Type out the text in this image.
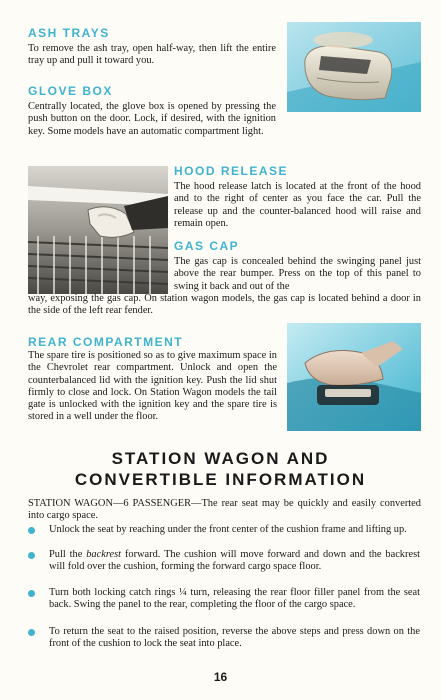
ASH TRAYS

To remove the ash tray, open half-way, then lift the entire tray up and pull it toward you.

GLOVE BOX

Centrally located, the glove box is opened by pressing the push button on the door. Lock, if desired, with the ignition key. Some models have an automatic compartment light.

HOOD RELEASE

The hood release latch is located at the front of the hood and to the right of center as you face the car. Pull the release up and the counter-balanced hood will raise and remain open.

GAS CAP

The gas cap is concealed behind the swinging panel just above the rear bumper. Press on the top of this panel to swing it back and out of the

way, exposing the gas cap. On station wagon models, the gas cap is located behind a door in the side of the left rear fender.

REAR COMPARTMENT

The spare tire is positioned so as to give maximum space in the Chevrolet rear compartment. Unlock and open the counterbalanced lid with the ignition key. Push the lid shut firmly to close and lock. On Station Wagon models the tail gate is unlocked with the ignition key and the spare tire is stored in a well under the floor.

STATION WAGON AND
CONVERTIBLE INFORMATION

STATION WAGON—6 PASSENGER—The rear seat may be quickly and easily converted into cargo space.

Unlock the seat by reaching under the front center of the cushion frame and lifting up.

Pull the backrest forward. The cushion will move forward and down and the backrest will fold over the cushion, forming the forward cargo space floor.

Turn both locking catch rings ¼ turn, releasing the rear floor filler panel from the seat back. Swing the panel to the rear, completing the floor of the cargo space.

To return the seat to the raised position, reverse the above steps and press down on the front of the cushion to lock the seat into place.

16
